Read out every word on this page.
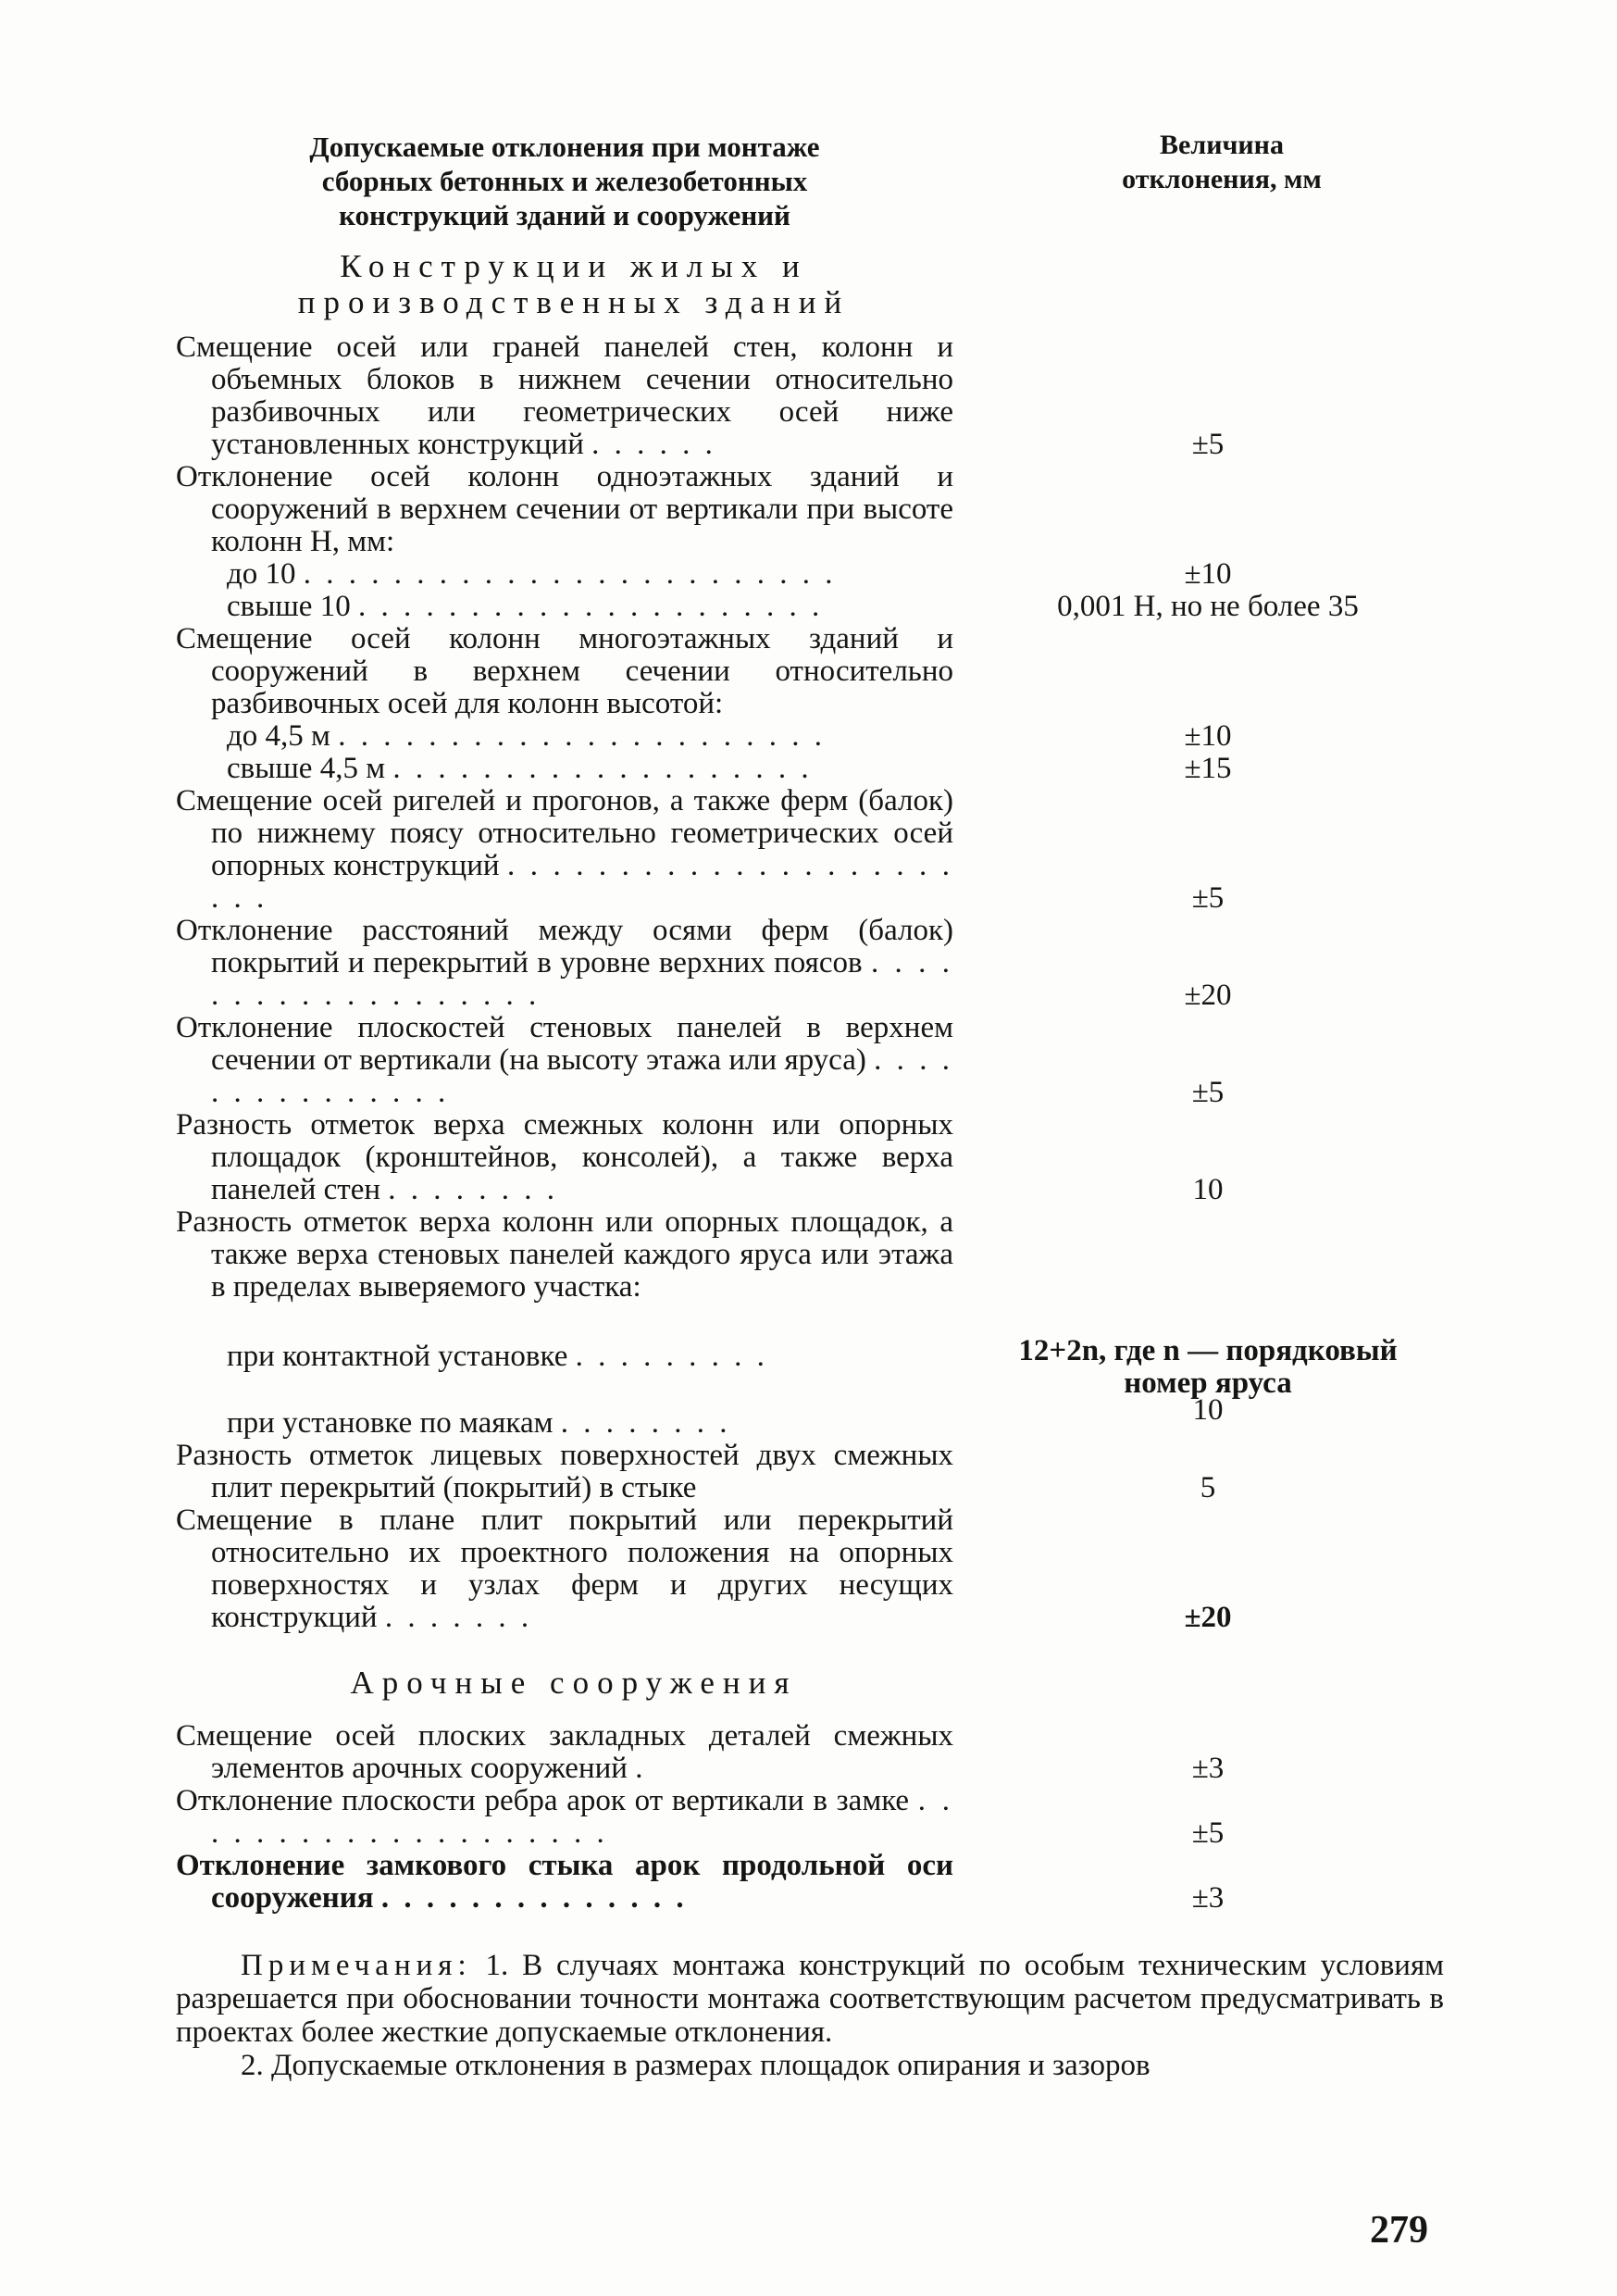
Допускаемые отклонения при монтаже
сборных бетонных и железобетонных
конструкций зданий и сооружений
Величина
отклонения, мм
Конструкции жилых и
производственных зданий
Смещение осей или граней панелей стен, колонн и объемных блоков в нижнем сечении относительно разбивочных или геометрических осей ниже установленных конструкций . . . . . .	±5
Отклонение осей колонн одноэтажных зданий и сооружений в верхнем сечении от вертикали при высоте колонн H, мм:
до 10 . . . . . . . . . . . . . . . . . . . . . . . .	±10
свыше 10 . . . . . . . . . . . . . . . . . . . . .	0,001 H, но не более 35
Смещение осей колонн многоэтажных зданий и сооружений в верхнем сечении относительно разбивочных осей для колонн высотой:
до 4,5 м . . . . . . . . . . . . . . . . . . . . . .	±10
свыше 4,5 м . . . . . . . . . . . . . . . . . . .	±15
Смещение осей ригелей и прогонов, а также ферм (балок) по нижнему поясу относительно геометрических осей опорных конструкций . . . . . . . . . . . . . . . . . . . . . . .	±5
Отклонение расстояний между осями ферм (балок) покрытий и перекрытий в уровне верхних поясов . . . . . . . . . . . . . . . . . . .	±20
Отклонение плоскостей стеновых панелей в верхнем сечении от вертикали (на высоту этажа или яруса) . . . . . . . . . . . . . . .	±5
Разность отметок верха смежных колонн или опорных площадок (кронштейнов, консолей), а также верха панелей стен . . . . . . . .	10
Разность отметок верха колонн или опорных площадок, а также верха стеновых панелей каждого яруса или этажа в пределах выверяемого участка:
при контактной установке . . . . . . . . .	12+2n, где n — порядковый
номер яруса
при установке по маякам . . . . . . . .	10
Разность отметок лицевых поверхностей двух смежных плит перекрытий (покрытий) в стыке	5
Смещение в плане плит покрытий или перекрытий относительно их проектного положения на опорных поверхностях и узлах ферм и других несущих конструкций . . . . . . .	±20
Арочные сооружения
Смещение осей плоских закладных деталей смежных элементов арочных сооружений .	±3
Отклонение плоскости ребра арок от вертикали в замке . . . . . . . . . . . . . . . . . . . .	±5
Отклонение замкового стыка арок продольной оси сооружения . . . . . . . . . . . . . .	±3

Примечания: 1. В случаях монтажа конструкций по особым техническим условиям разрешается при обосновании точности монтажа соответствующим расчетом предусматривать в проектах более жесткие допускаемые отклонения.

2. Допускаемые отклонения в размерах площадок опирания и зазоров

279
